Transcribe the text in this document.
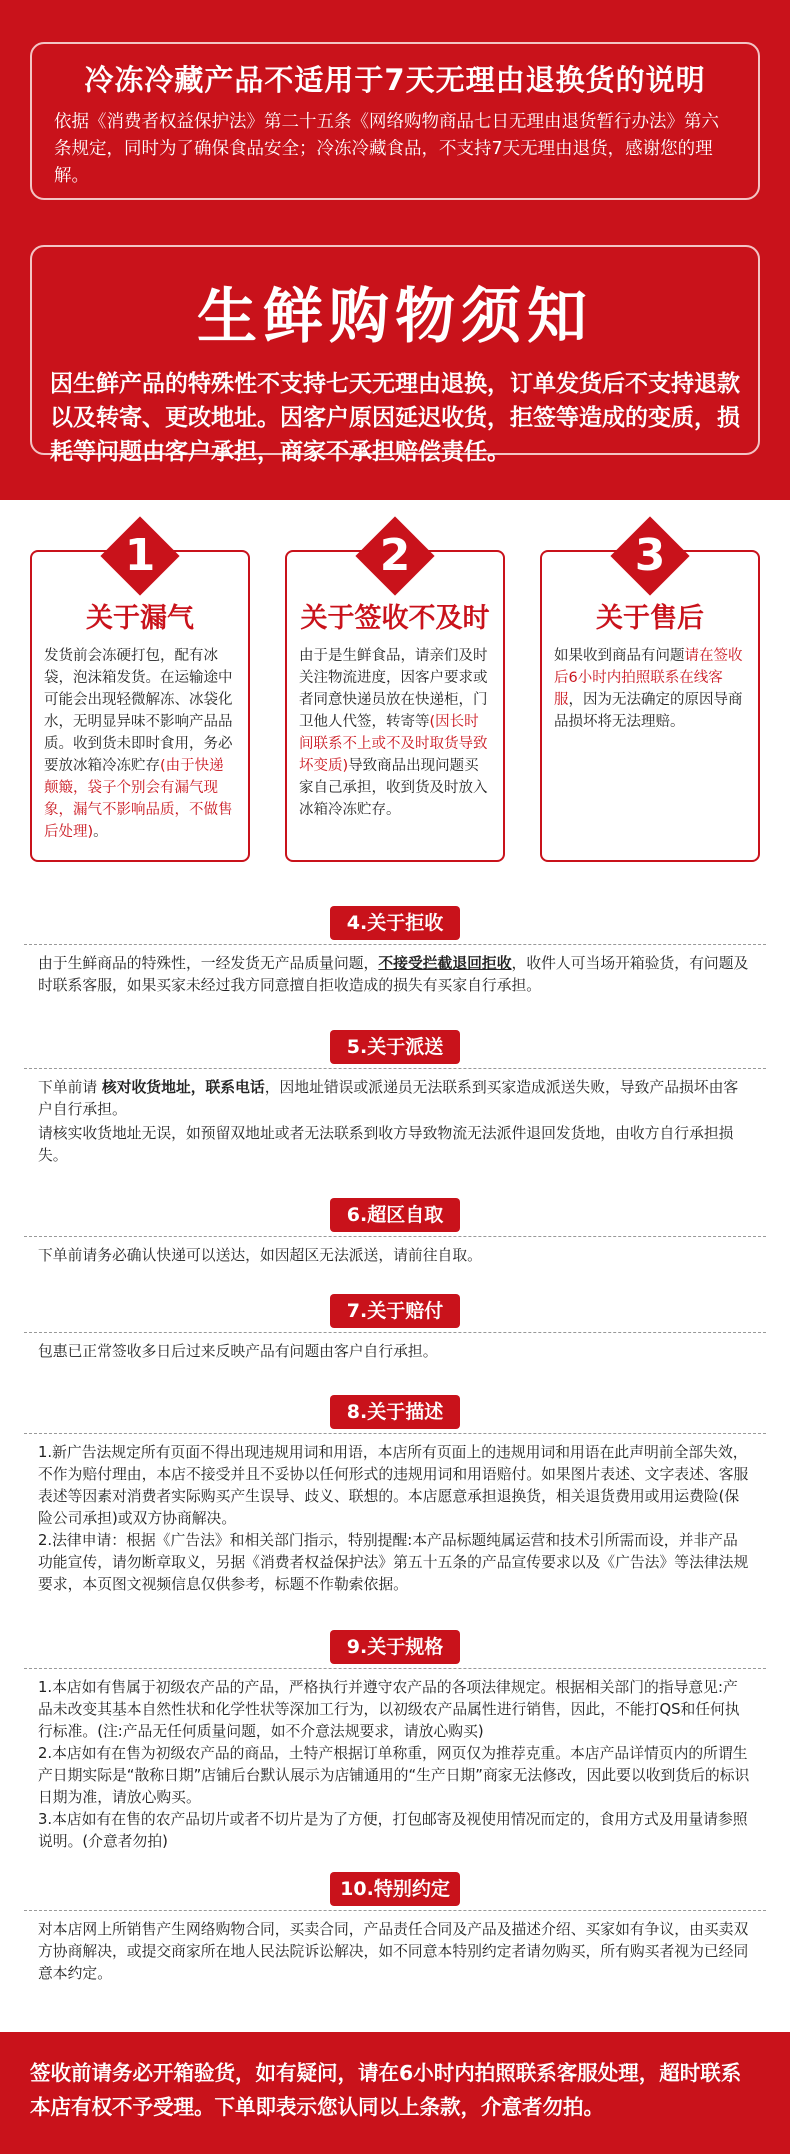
冷冻冷藏产品不适用于7天无理由退换货的说明
依据《消费者权益保护法》第二十五条《网络购物商品七日无理由退货暂行办法》第六条规定，同时为了确保食品安全；冷冻冷藏食品，不支持7天无理由退货，感谢您的理解。
生鲜购物须知
因生鲜产品的特殊性不支持七天无理由退换，订单发货后不支持退款以及转寄、更改地址。因客户原因延迟收货，拒签等造成的变质，损耗等问题由客户承担，商家不承担赔偿责任。
1
关于漏气
发货前会冻硬打包，配有冰袋，泡沫箱发货。在运输途中可能会出现轻微解冻、冰袋化水，无明显异味不影响产品品质。收到货未即时食用，务必要放冰箱冷冻贮存(由于快递颠簸，袋子个别会有漏气现象，漏气不影响品质，不做售后处理)。
2
关于签收不及时
由于是生鲜食品，请亲们及时关注物流进度，因客户要求或者同意快递员放在快递柜，门卫他人代签，转寄等(因长时间联系不上或不及时取货导致坏变质)导致商品出现问题买家自己承担，收到货及时放入冰箱冷冻贮存。
3
关于售后
如果收到商品有问题请在签收后6小时内拍照联系在线客服，因为无法确定的原因导商品损坏将无法理赔。
4.关于拒收
由于生鲜商品的特殊性，一经发货无产品质量问题，不接受拦截退回拒收，收件人可当场开箱验货，有问题及时联系客服，如果买家未经过我方同意擅自拒收造成的损失有买家自行承担。
5.关于派送
下单前请 核对收货地址，联系电话，因地址错误或派递员无法联系到买家造成派送失败，导致产品损坏由客户自行承担。
请核实收货地址无误，如预留双地址或者无法联系到收方导致物流无法派件退回发货地，由收方自行承担损失。
6.超区自取
下单前请务必确认快递可以送达，如因超区无法派送，请前往自取。
7.关于赔付
包惠已正常签收多日后过来反映产品有问题由客户自行承担。
8.关于描述
1.新广告法规定所有页面不得出现违规用词和用语，本店所有页面上的违规用词和用语在此声明前全部失效，不作为赔付理由，本店不接受并且不妥协以任何形式的违规用词和用语赔付。如果图片表述、文字表述、客服表述等因素对消费者实际购买产生误导、歧义、联想的。本店愿意承担退换货，相关退货费用或用运费险(保险公司承担)或双方协商解决。
2.法律申请：根据《广告法》和相关部门指示，特别提醒:本产品标题纯属运营和技术引所需而设，并非产品功能宣传，请勿断章取义，另据《消费者权益保护法》第五十五条的产品宣传要求以及《广告法》等法律法规要求，本页图文视频信息仅供参考，标题不作勒索依据。
9.关于规格
1.本店如有售属于初级农产品的产品，严格执行并遵守农产品的各项法律规定。根据相关部门的指导意见:产品未改变其基本自然性状和化学性状等深加工行为，以初级农产品属性进行销售，因此，不能打QS和任何执行标准。(注:产品无任何质量问题，如不介意法规要求，请放心购买)
2.本店如有在售为初级农产品的商品，土特产根据订单称重，网页仅为推荐克重。本店产品详情页内的所谓生产日期实际是“散称日期”店铺后台默认展示为店铺通用的“生产日期”商家无法修改，因此要以收到货后的标识日期为准，请放心购买。
3.本店如有在售的农产品切片或者不切片是为了方便，打包邮寄及视使用情况而定的，食用方式及用量请参照说明。(介意者勿拍)
10.特别约定
对本店网上所销售产生网络购物合同，买卖合同，产品责任合同及产品及描述介绍、买家如有争议，由买卖双方协商解决，或提交商家所在地人民法院诉讼解决，如不同意本特别约定者请勿购买，所有购买者视为已经同意本约定。
签收前请务必开箱验货，如有疑问，请在6小时内拍照联系客服处理，超时联系本店有权不予受理。下单即表示您认同以上条款，介意者勿拍。
